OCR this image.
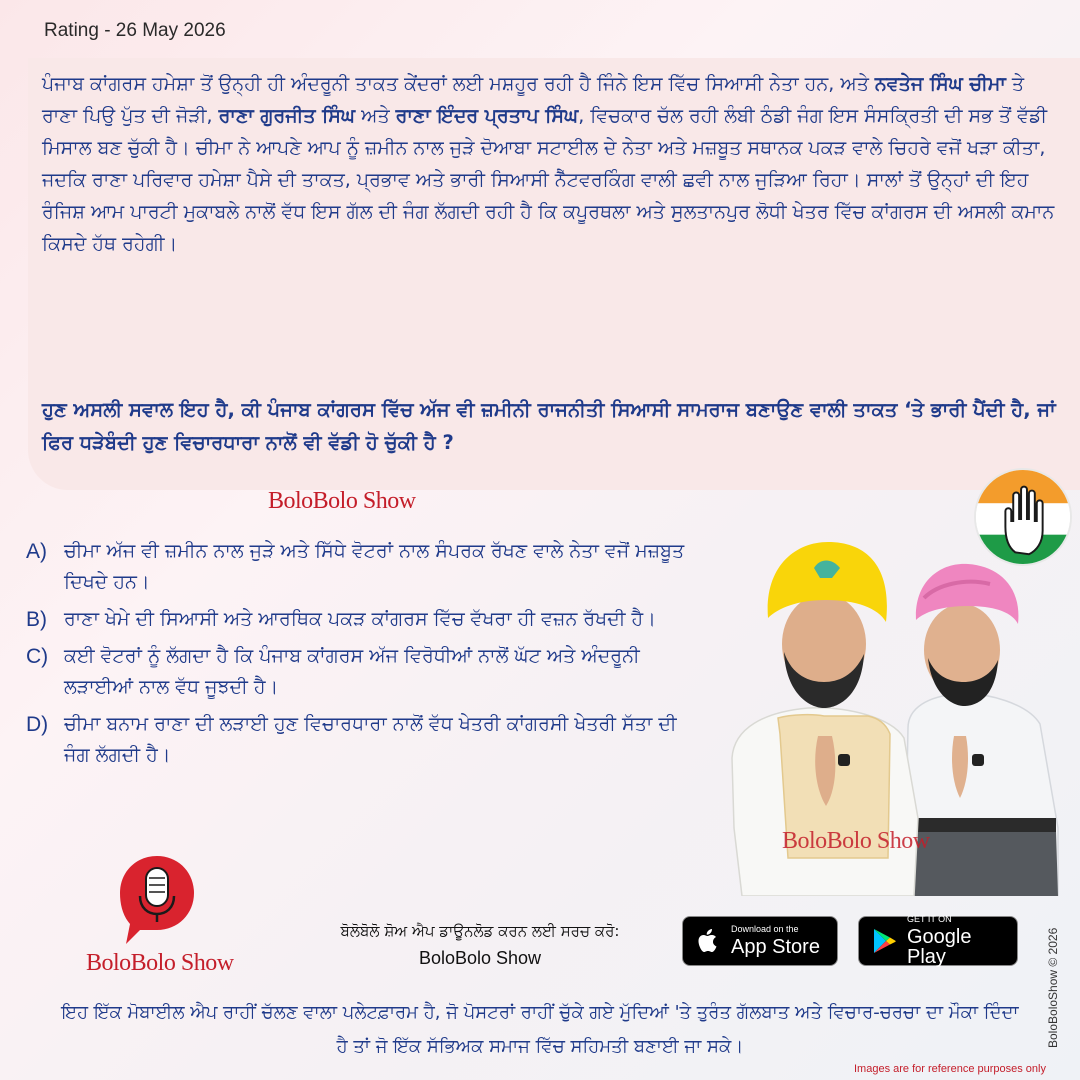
Rating - 26 May 2026
ਪੰਜਾਬ ਕਾਂਗਰਸ ਹਮੇਸ਼ਾ ਤੋਂ ਉਨ੍ਹੀ ਹੀ ਅੰਦਰੂਨੀ ਤਾਕਤ ਕੇਂਦਰਾਂ ਲਈ ਮਸ਼ਹੂਰ ਰਹੀ ਹੈ ਜਿੰਨੇ ਇਸ ਵਿੱਚ ਸਿਆਸੀ ਨੇਤਾ ਹਨ, ਅਤੇ ਨਵਤੇਜ ਸਿੰਘ ਚੀਮਾ ਤੇ ਰਾਣਾ ਪਿਉ ਪੁੱਤ ਦੀ ਜੋੜੀ, ਰਾਣਾ ਗੁਰਜੀਤ ਸਿੰਘ ਅਤੇ ਰਾਣਾ ਇੰਦਰ ਪ੍ਰਤਾਪ ਸਿੰਘ, ਵਿਚਕਾਰ ਚੱਲ ਰਹੀ ਲੰਬੀ ਠੰਡੀ ਜੰਗ ਇਸ ਸੰਸਕ੍ਰਿਤੀ ਦੀ ਸਭ ਤੋਂ ਵੱਡੀ ਮਿਸਾਲ ਬਣ ਚੁੱਕੀ ਹੈ। ਚੀਮਾ ਨੇ ਆਪਣੇ ਆਪ ਨੂੰ ਜ਼ਮੀਨ ਨਾਲ ਜੁੜੇ ਦੋਆਬਾ ਸਟਾਈਲ ਦੇ ਨੇਤਾ ਅਤੇ ਮਜ਼ਬੂਤ ਸਥਾਨਕ ਪਕੜ ਵਾਲੇ ਚਿਹਰੇ ਵਜੋਂ ਖੜਾ ਕੀਤਾ, ਜਦਕਿ ਰਾਣਾ ਪਰਿਵਾਰ ਹਮੇਸ਼ਾ ਪੈਸੇ ਦੀ ਤਾਕਤ, ਪ੍ਰਭਾਵ ਅਤੇ ਭਾਰੀ ਸਿਆਸੀ ਨੈੱਟਵਰਕਿੰਗ ਵਾਲੀ ਛਵੀ ਨਾਲ ਜੁੜਿਆ ਰਿਹਾ। ਸਾਲਾਂ ਤੋਂ ਉਨ੍ਹਾਂ ਦੀ ਇਹ ਰੰਜਿਸ਼ ਆਮ ਪਾਰਟੀ ਮੁਕਾਬਲੇ ਨਾਲੋਂ ਵੱਧ ਇਸ ਗੱਲ ਦੀ ਜੰਗ ਲੱਗਦੀ ਰਹੀ ਹੈ ਕਿ ਕਪੂਰਥਲਾ ਅਤੇ ਸੁਲਤਾਨਪੁਰ ਲੋਧੀ ਖੇਤਰ ਵਿੱਚ ਕਾਂਗਰਸ ਦੀ ਅਸਲੀ ਕਮਾਨ ਕਿਸਦੇ ਹੱਥ ਰਹੇਗੀ।
ਹੁਣ ਅਸਲੀ ਸਵਾਲ ਇਹ ਹੈ, ਕੀ ਪੰਜਾਬ ਕਾਂਗਰਸ ਵਿੱਚ ਅੱਜ ਵੀ ਜ਼ਮੀਨੀ ਰਾਜਨੀਤੀ ਸਿਆਸੀ ਸਾਮਰਾਜ ਬਣਾਉਣ ਵਾਲੀ ਤਾਕਤ ‘ਤੇ ਭਾਰੀ ਪੈਂਦੀ ਹੈ, ਜਾਂ ਫਿਰ ਧੜੇਬੰਦੀ ਹੁਣ ਵਿਚਾਰਧਾਰਾ ਨਾਲੋਂ ਵੀ ਵੱਡੀ ਹੋ ਚੁੱਕੀ ਹੈ ?
BoloBolo Show
A) ਚੀਮਾ ਅੱਜ ਵੀ ਜ਼ਮੀਨ ਨਾਲ ਜੁੜੇ ਅਤੇ ਸਿੱਧੇ ਵੋਟਰਾਂ ਨਾਲ ਸੰਪਰਕ ਰੱਖਣ ਵਾਲੇ ਨੇਤਾ ਵਜੋਂ ਮਜ਼ਬੂਤ ਦਿਖਦੇ ਹਨ।
B) ਰਾਣਾ ਖੇਮੇ ਦੀ ਸਿਆਸੀ ਅਤੇ ਆਰਥਿਕ ਪਕੜ ਕਾਂਗਰਸ ਵਿੱਚ ਵੱਖਰਾ ਹੀ ਵਜ਼ਨ ਰੱਖਦੀ ਹੈ।
C) ਕਈ ਵੋਟਰਾਂ ਨੂੰ ਲੱਗਦਾ ਹੈ ਕਿ ਪੰਜਾਬ ਕਾਂਗਰਸ ਅੱਜ ਵਿਰੋਧੀਆਂ ਨਾਲੋਂ ਘੱਟ ਅਤੇ ਅੰਦਰੂਨੀ ਲੜਾਈਆਂ ਨਾਲ ਵੱਧ ਜੂਝਦੀ ਹੈ।
D) ਚੀਮਾ ਬਨਾਮ ਰਾਣਾ ਦੀ ਲੜਾਈ ਹੁਣ ਵਿਚਾਰਧਾਰਾ ਨਾਲੋਂ ਵੱਧ ਖੇਤਰੀ ਕਾਂਗਰਸੀ ਖੇਤਰੀ ਸੱਤਾ ਦੀ ਜੰਗ ਲੱਗਦੀ ਹੈ।
BoloBolo Show
BoloBolo Show
ਬੋਲੋਬੋਲੋ ਸ਼ੋਅ ਐਪ ਡਾਊਨਲੋਡ ਕਰਨ ਲਈ ਸਰਚ ਕਰੋ:
BoloBolo Show
Download on the
App Store
GET IT ON
Google Play
ਇਹ ਇੱਕ ਮੋਬਾਈਲ ਐਪ ਰਾਹੀਂ ਚੱਲਣ ਵਾਲਾ ਪਲੇਟਫ਼ਾਰਮ ਹੈ, ਜੋ ਪੋਸਟਰਾਂ ਰਾਹੀਂ ਚੁੱਕੇ ਗਏ ਮੁੱਦਿਆਂ 'ਤੇ ਤੁਰੰਤ ਗੱਲਬਾਤ ਅਤੇ ਵਿਚਾਰ-ਚਰਚਾ ਦਾ ਮੌਕਾ ਦਿੰਦਾ ਹੈ ਤਾਂ ਜੋ ਇੱਕ ਸੱਭਿਅਕ ਸਮਾਜ ਵਿੱਚ ਸਹਿਮਤੀ ਬਣਾਈ ਜਾ ਸਕੇ।
Images are for reference purposes only
BoloBoloShow © 2026
